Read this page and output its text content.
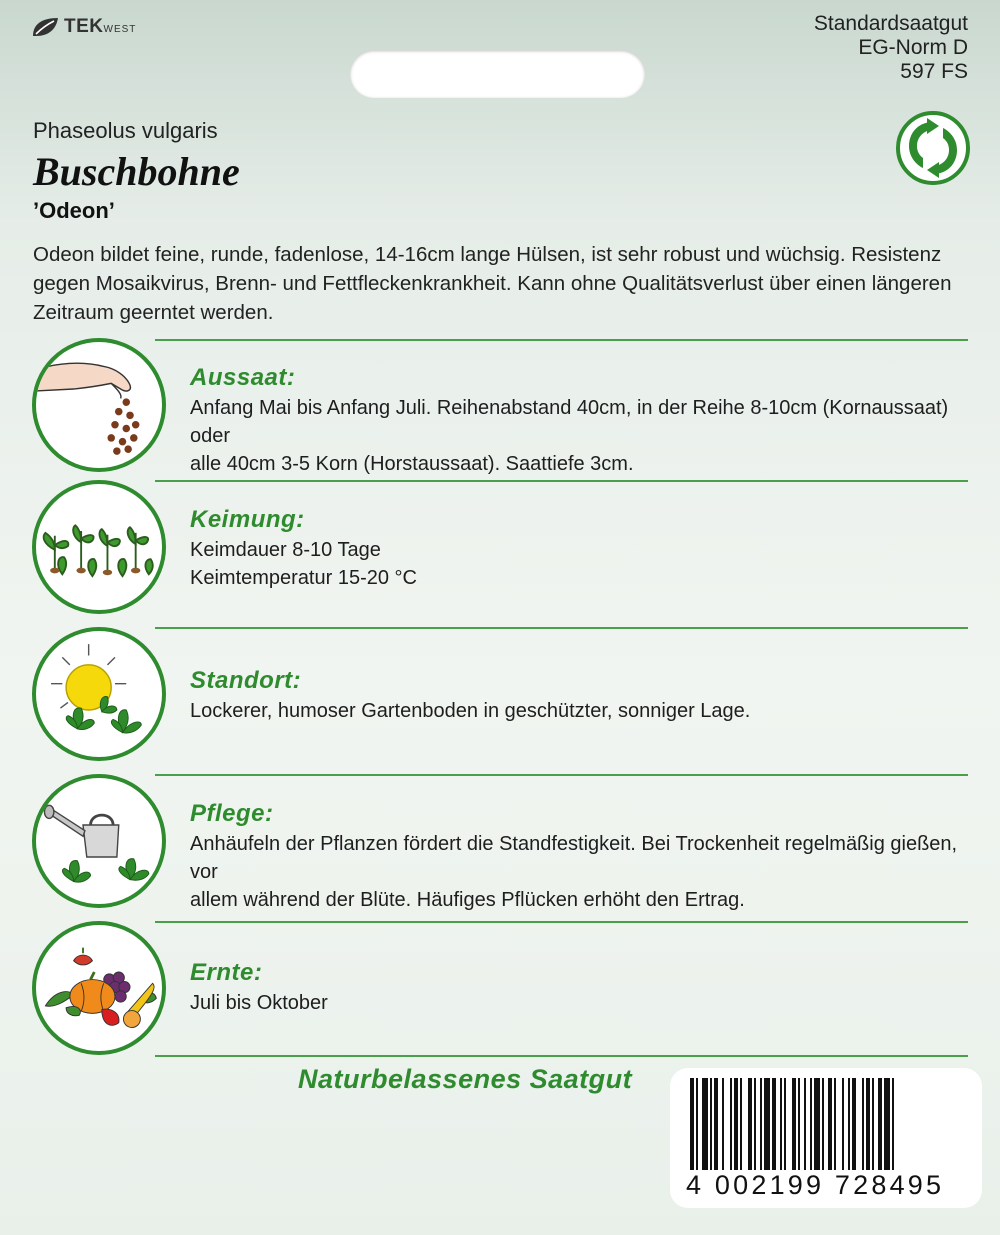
TEKWEST	Standardsaatgut
EG-Norm D
597 FS
Phaseolus vulgaris
Buschbohne
’Odeon’
Odeon bildet feine, runde, fadenlose, 14-16cm lange Hülsen, ist sehr robust und wüchsig. Resistenz gegen Mosaikvirus, Brenn- und Fettfleckenkrankheit. Kann ohne Qualitätsverlust über einen längeren Zeitraum geerntet werden.
Aussaat:
Anfang Mai bis Anfang Juli. Reihenabstand 40cm, in der Reihe 8-10cm (Kornaussaat) oder
alle 40cm 3-5 Korn (Horstaussaat). Saattiefe 3cm.
Keimung:
Keimdauer 8-10 Tage
Keimtemperatur 15-20 °C
Standort:
Lockerer, humoser Gartenboden in geschützter, sonniger Lage.
Pflege:
Anhäufeln der Pflanzen fördert die Standfestigkeit. Bei Trockenheit regelmäßig gießen, vor
allem während der Blüte. Häufiges Pflücken erhöht den Ertrag.
Ernte:
Juli bis Oktober
Naturbelassenes Saatgut
4 002199 728495
